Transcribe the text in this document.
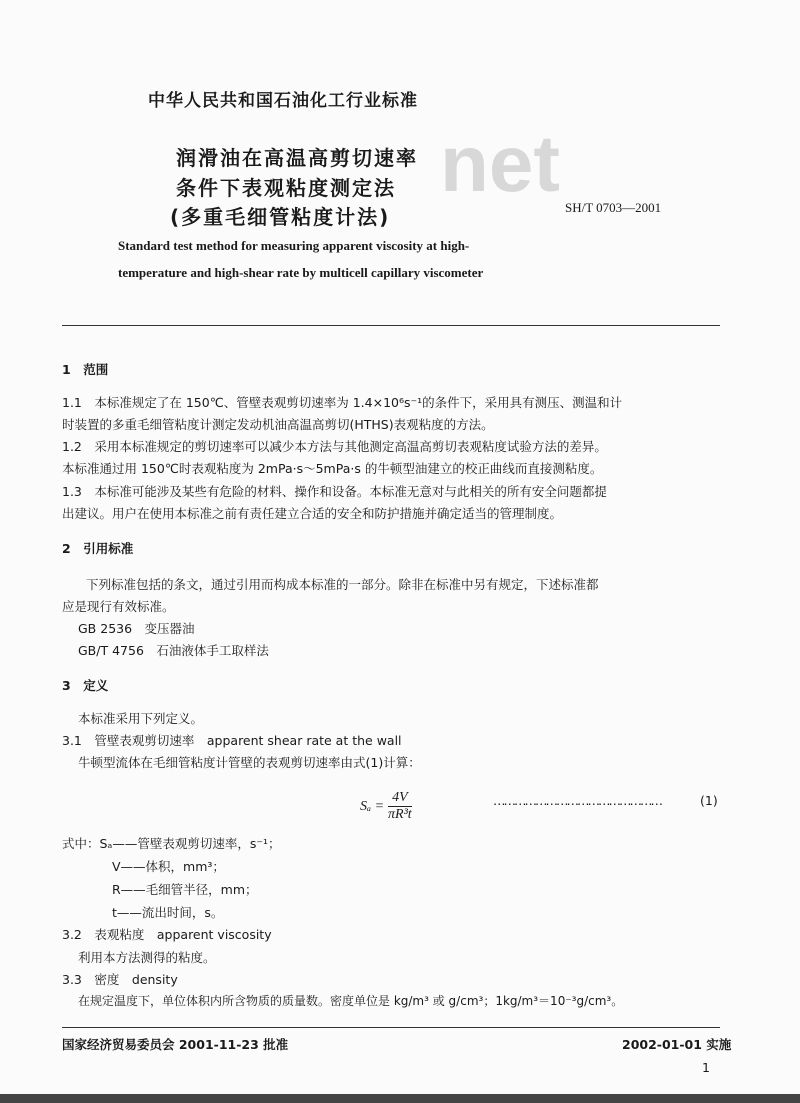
net
中华人民共和国石油化工行业标准
润滑油在高温高剪切速率
条件下表观粘度测定法
(多重毛细管粘度计法)	SH/T 0703—2001
Standard test method for measuring apparent viscosity at high-
temperature and high-shear rate by multicell capillary viscometer
1　范围
1.1　本标准规定了在 150℃、管壁表观剪切速率为 1.4×10⁶s⁻¹的条件下，采用具有测压、测温和计
时装置的多重毛细管粘度计测定发动机油高温高剪切(HTHS)表观粘度的方法。
1.2　采用本标准规定的剪切速率可以减少本方法与其他测定高温高剪切表观粘度试验方法的差异。
本标准通过用 150℃时表观粘度为 2mPa·s～5mPa·s 的牛顿型油建立的校正曲线而直接测粘度。
1.3　本标准可能涉及某些有危险的材料、操作和设备。本标准无意对与此相关的所有安全问题都提
出建议。用户在使用本标准之前有责任建立合适的安全和防护措施并确定适当的管理制度。
2　引用标准
下列标准包括的条文，通过引用而构成本标准的一部分。除非在标准中另有规定，下述标准都
应是现行有效标准。
GB 2536　变压器油
GB/T 4756　石油液体手工取样法
3　定义
本标准采用下列定义。
3.1　管壁表观剪切速率　apparent shear rate at the wall
牛顿型流体在毛细管粘度计管壁的表观剪切速率由式(1)计算：
$S_a = \frac{4V}{\text{πR³t}}$	…………………………………………	(1)
式中：Sₐ——管壁表观剪切速率，s⁻¹；
V——体积，mm³；
R——毛细管半径，mm；
t——流出时间，s。
3.2　表观粘度　apparent viscosity
利用本方法测得的粘度。
3.3　密度　density
在规定温度下，单位体积内所含物质的质量数。密度单位是 kg/m³ 或 g/cm³；1kg/m³＝10⁻³g/cm³。
国家经济贸易委员会 2001-11-23 批准	2002-01-01 实施
1
